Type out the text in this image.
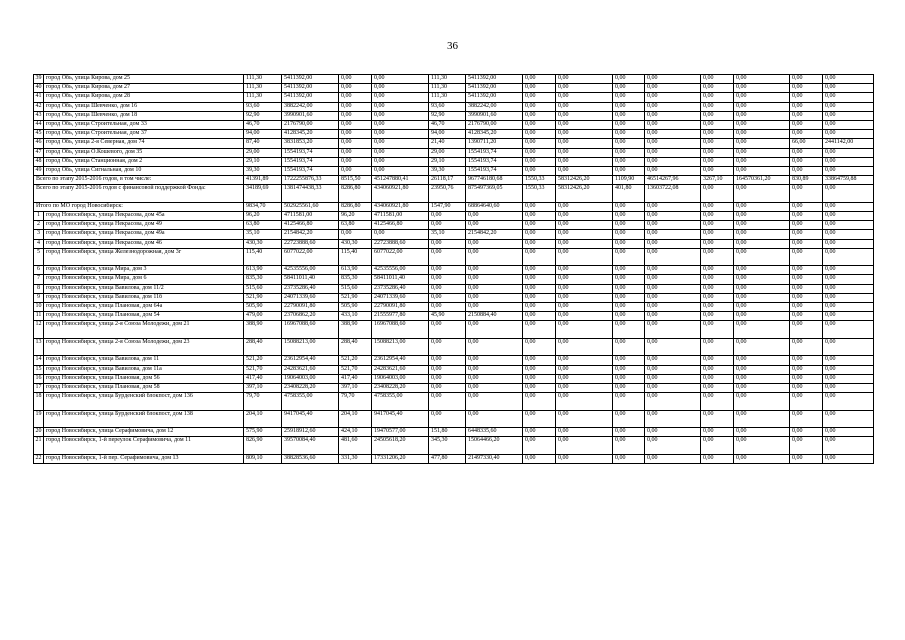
36
39	город Обь, улица Кирова, дом 25	111,30	5411392,00	0,00	0,00	111,30	5411392,00	0,00	0,00	0,00	0,00	0,00	0,00	0,00	0,00
40	город Обь, улица Кирова, дом 27	111,30	5411392,00	0,00	0,00	111,30	5411392,00	0,00	0,00	0,00	0,00	0,00	0,00	0,00	0,00
41	город Обь, улица Кирова, дом 28	111,30	5411392,00	0,00	0,00	111,30	5411392,00	0,00	0,00	0,00	0,00	0,00	0,00	0,00	0,00
42	город Обь, улица Шевченко, дом 16	93,60	3882242,00	0,00	0,00	93,60	3882242,00	0,00	0,00	0,00	0,00	0,00	0,00	0,00	0,00
43	город Обь, улица Шевченко, дом 18	92,90	3990901,60	0,00	0,00	92,90	3990901,60	0,00	0,00	0,00	0,00	0,00	0,00	0,00	0,00
44	город Обь, улица Строительная, дом 33	46,70	2176790,00	0,00	0,00	46,70	2176790,00	0,00	0,00	0,00	0,00	0,00	0,00	0,00	0,00
45	город Обь, улица Строительная, дом 37	94,00	4128345,20	0,00	0,00	94,00	4128345,20	0,00	0,00	0,00	0,00	0,00	0,00	0,00	0,00
46	город Обь, улица 2-я Северная, дом 74	87,40	3831853,20	0,00	0,00	21,40	1390711,20	0,00	0,00	0,00	0,00	0,00	0,00	66,00	2441142,00
47	город Обь, улица О.Кошевого, дом 35	29,00	1554193,74	0,00	0,00	29,00	1554193,74	0,00	0,00	0,00	0,00	0,00	0,00	0,00	0,00
48	город Обь, улица Станционная, дом 2	29,10	1554193,74	0,00	0,00	29,10	1554193,74	0,00	0,00	0,00	0,00	0,00	0,00	0,00	0,00
49	город Обь, улица Сигнальная, дом 10	39,30	1554193,74	0,00	0,00	39,30	1554193,74	0,00	0,00	0,00	0,00	0,00	0,00	0,00	0,00
Всего по этапу 2015-2016 годов, в том числе:		41391,89	1722255876,33	8515,50	451247880,41	26118,17	967746180,68	1550,33	58312426,20	1109,90	46514267,96	3267,10	164570361,20	830,89	33864759,88
Всего по этапу 2015-2016 годов с финансовой поддержкой Фонда:		34189,69	1381474438,33	8286,80	434060921,80	23950,76	875497369,05	1550,33	58312426,20	401,80	13603722,08	0,00	0,00	0,00	0,00
Итого по МО город Новосибирск:		9834,70	502925561,60	8286,80	434060921,80	1547,90	68864640,60	0,00	0,00	0,00	0,00	0,00	0,00	0,00	0,00
1	город Новосибирск, улица Некрасова, дом 45а	96,20	4711581,00	96,20	4711581,00	0,00	0,00	0,00	0,00	0,00	0,00	0,00	0,00	0,00	0,00
2	город Новосибирск, улица Некрасова, дом 49	63,80	4125466,80	63,80	4125466,80	0,00	0,00	0,00	0,00	0,00	0,00	0,00	0,00	0,00	0,00
3	город Новосибирск, улица Некрасова, дом 49а	35,10	2154842,20	0,00	0,00	35,10	2154842,20	0,00	0,00	0,00	0,00	0,00	0,00	0,00	0,00
4	город Новосибирск, улица Некрасова, дом 46	430,30	22723888,60	430,30	22723888,60	0,00	0,00	0,00	0,00	0,00	0,00	0,00	0,00	0,00	0,00
5	город Новосибирск, улица Железнодорожная, дом 3г	115,40	6077022,00	115,40	6077022,00	0,00	0,00	0,00	0,00	0,00	0,00	0,00	0,00	0,00	0,00
6	город Новосибирск, улица Мира, дом 3	613,90	42535556,00	613,90	42535556,00	0,00	0,00	0,00	0,00	0,00	0,00	0,00	0,00	0,00	0,00
7	город Новосибирск, улица Мира, дом 6	835,30	58411011,40	835,30	58411011,40	0,00	0,00	0,00	0,00	0,00	0,00	0,00	0,00	0,00	0,00
8	город Новосибирск, улица Вавилова, дом 11/2	515,60	23735286,40	515,60	23735286,40	0,00	0,00	0,00	0,00	0,00	0,00	0,00	0,00	0,00	0,00
9	город Новосибирск, улица Вавилова, дом 11б	521,90	24071339,60	521,90	24071339,60	0,00	0,00	0,00	0,00	0,00	0,00	0,00	0,00	0,00	0,00
10	город Новосибирск, улица Плановая, дом 64а	505,90	22790091,80	505,90	22790091,80	0,00	0,00	0,00	0,00	0,00	0,00	0,00	0,00	0,00	0,00
11	город Новосибирск, улица Плановая, дом 54	479,00	23706862,20	433,10	21555977,80	45,90	2150884,40	0,00	0,00	0,00	0,00	0,00	0,00	0,00	0,00
12	город Новосибирск, улица 2-я Союза Молодежи, дом 21	388,90	16967088,60	388,90	16967088,60	0,00	0,00	0,00	0,00	0,00	0,00	0,00	0,00	0,00	0,00
13	город Новосибирск, улица 2-я Союза Молодежи, дом 23	288,40	15088213,00	288,40	15088213,00	0,00	0,00	0,00	0,00	0,00	0,00	0,00	0,00	0,00	0,00
14	город Новосибирск, улица Вавилова, дом 11	521,20	23612954,40	521,20	23612954,40	0,00	0,00	0,00	0,00	0,00	0,00	0,00	0,00	0,00	0,00
15	город Новосибирск, улица Вавилова, дом 11а	521,70	24283621,60	521,70	24283621,60	0,00	0,00	0,00	0,00	0,00	0,00	0,00	0,00	0,00	0,00
16	город Новосибирск, улица Плановая, дом 56	417,40	19064003,00	417,40	19064003,00	0,00	0,00	0,00	0,00	0,00	0,00	0,00	0,00	0,00	0,00
17	город Новосибирск, улица Плановая, дом 58	397,10	23408228,20	397,10	23408228,20	0,00	0,00	0,00	0,00	0,00	0,00	0,00	0,00	0,00	0,00
18	город Новосибирск, улица Бурденский блокпост, дом 136	79,70	4758355,00	79,70	4758355,00	0,00	0,00	0,00	0,00	0,00	0,00	0,00	0,00	0,00	0,00
19	город Новосибирск, улица Бурденский блокпост, дом 138	204,10	9417045,40	204,10	9417045,40	0,00	0,00	0,00	0,00	0,00	0,00	0,00	0,00	0,00	0,00
20	город Новосибирск, улица Серафимовича, дом 12	575,90	25918912,60	424,10	19470577,00	151,80	6448335,60	0,00	0,00	0,00	0,00	0,00	0,00	0,00	0,00
21	город Новосибирск, 1-й переулок Серафимовича, дом 11	826,90	39570084,40	481,60	24505618,20	345,30	15064466,20	0,00	0,00	0,00	0,00	0,00	0,00	0,00	0,00
22	город Новосибирск, 1-й пер. Серафимовича, дом 13	809,10	38828536,60	331,30	17331206,20	477,80	21497330,40	0,00	0,00	0,00	0,00	0,00	0,00	0,00	0,00
